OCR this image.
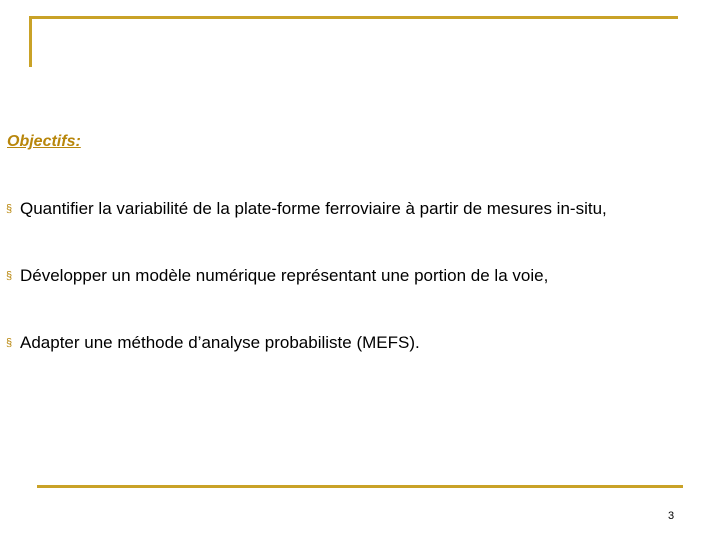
Objectifs:
§ Quantifier la variabilité de la plate-forme ferroviaire à partir de mesures in-situ,
§ Développer un modèle numérique représentant une portion de la voie,
§ Adapter une méthode d’analyse probabiliste (MEFS).
3
